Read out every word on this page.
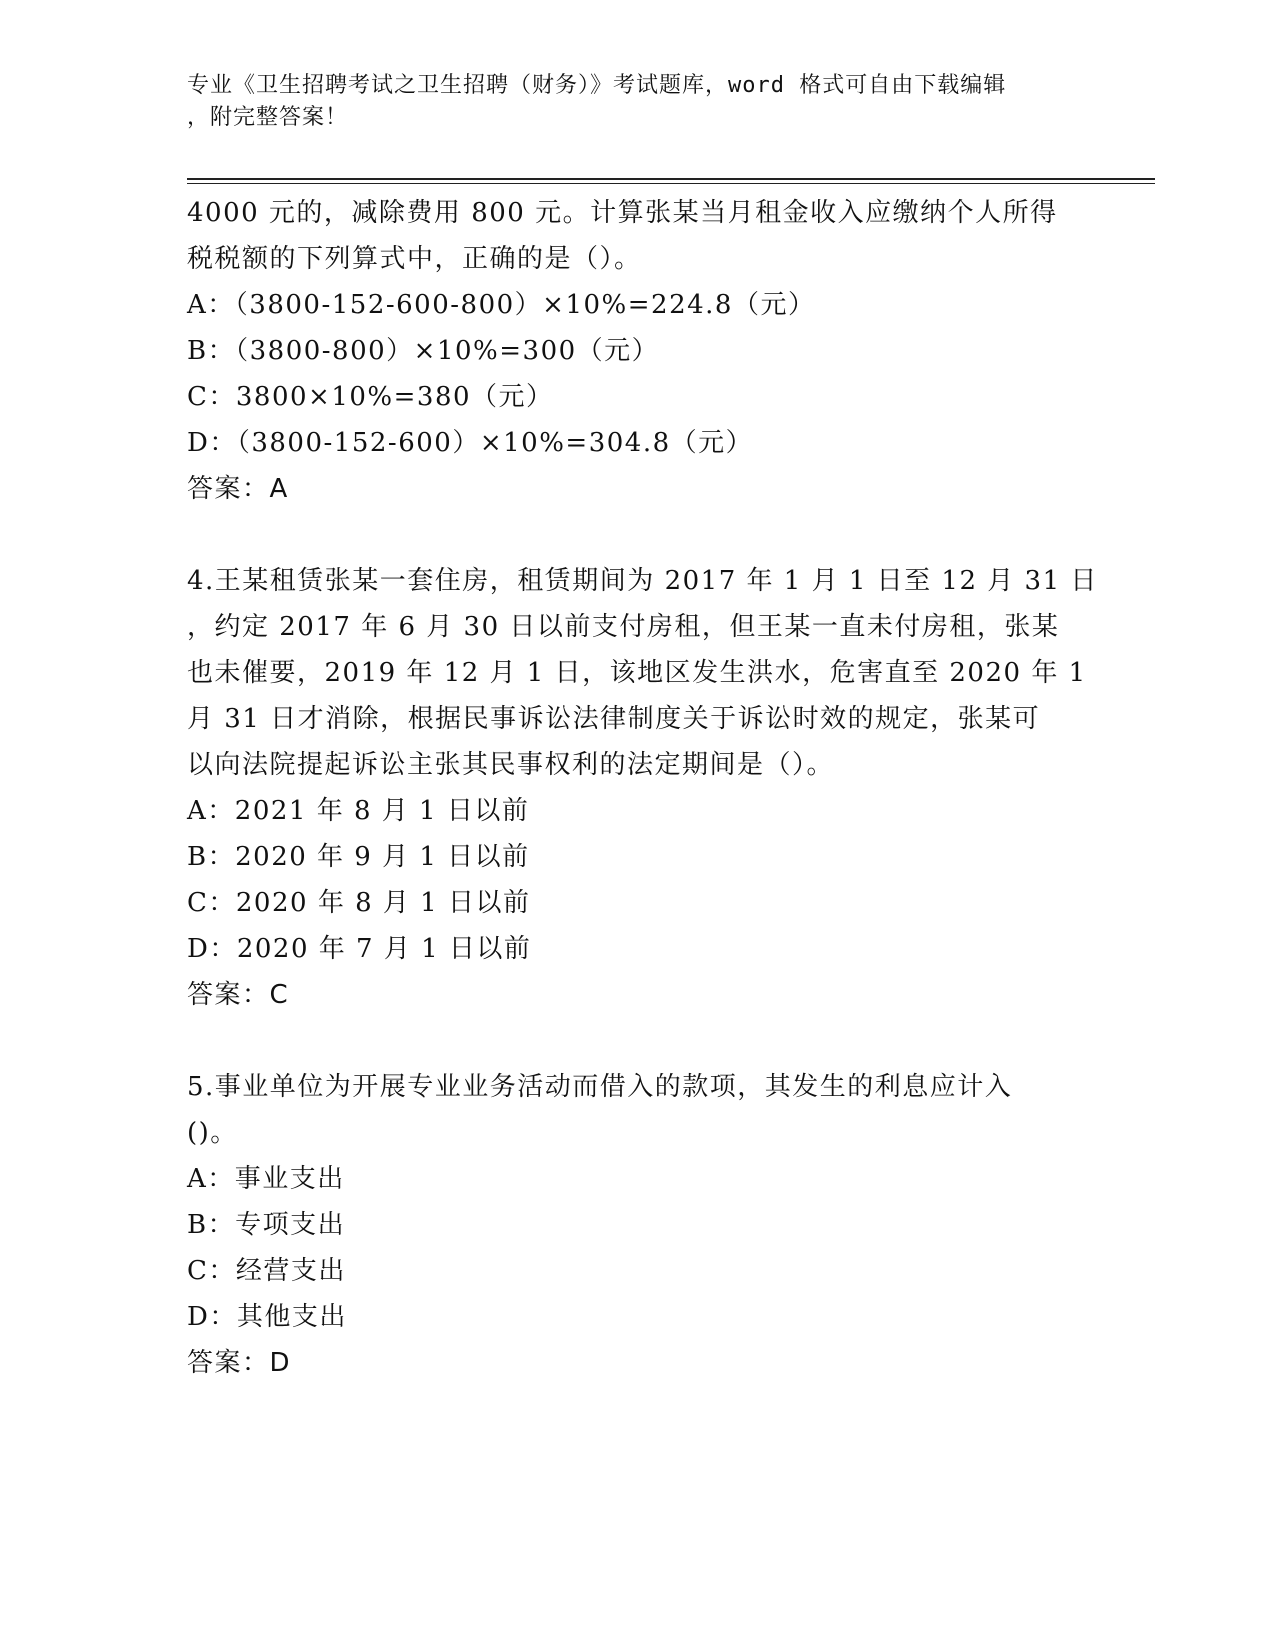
专业《卫生招聘考试之卫生招聘（财务）》考试题库，word 格式可自由下载编辑
，附完整答案！
4000 元的，减除费用 800 元。计算张某当月租金收入应缴纳个人所得
税税额的下列算式中，正确的是（）。
A：（3800-152-600-800）×10%=224.8（元）
B：（3800-800）×10%=300（元）
C：3800×10%=380（元）
D：（3800-152-600）×10%=304.8（元）
答案：A
4.王某租赁张某一套住房，租赁期间为 2017 年 1 月 1 日至 12 月 31 日
，约定 2017 年 6 月 30 日以前支付房租，但王某一直未付房租，张某
也未催要，2019 年 12 月 1 日，该地区发生洪水，危害直至 2020 年 1
月 31 日才消除，根据民事诉讼法律制度关于诉讼时效的规定，张某可
以向法院提起诉讼主张其民事权利的法定期间是（）。
A：2021 年 8 月 1 日以前
B：2020 年 9 月 1 日以前
C：2020 年 8 月 1 日以前
D：2020 年 7 月 1 日以前
答案：C
5.事业单位为开展专业业务活动而借入的款项，其发生的利息应计入
()。
A：事业支出
B：专项支出
C：经营支出
D：其他支出
答案：D
